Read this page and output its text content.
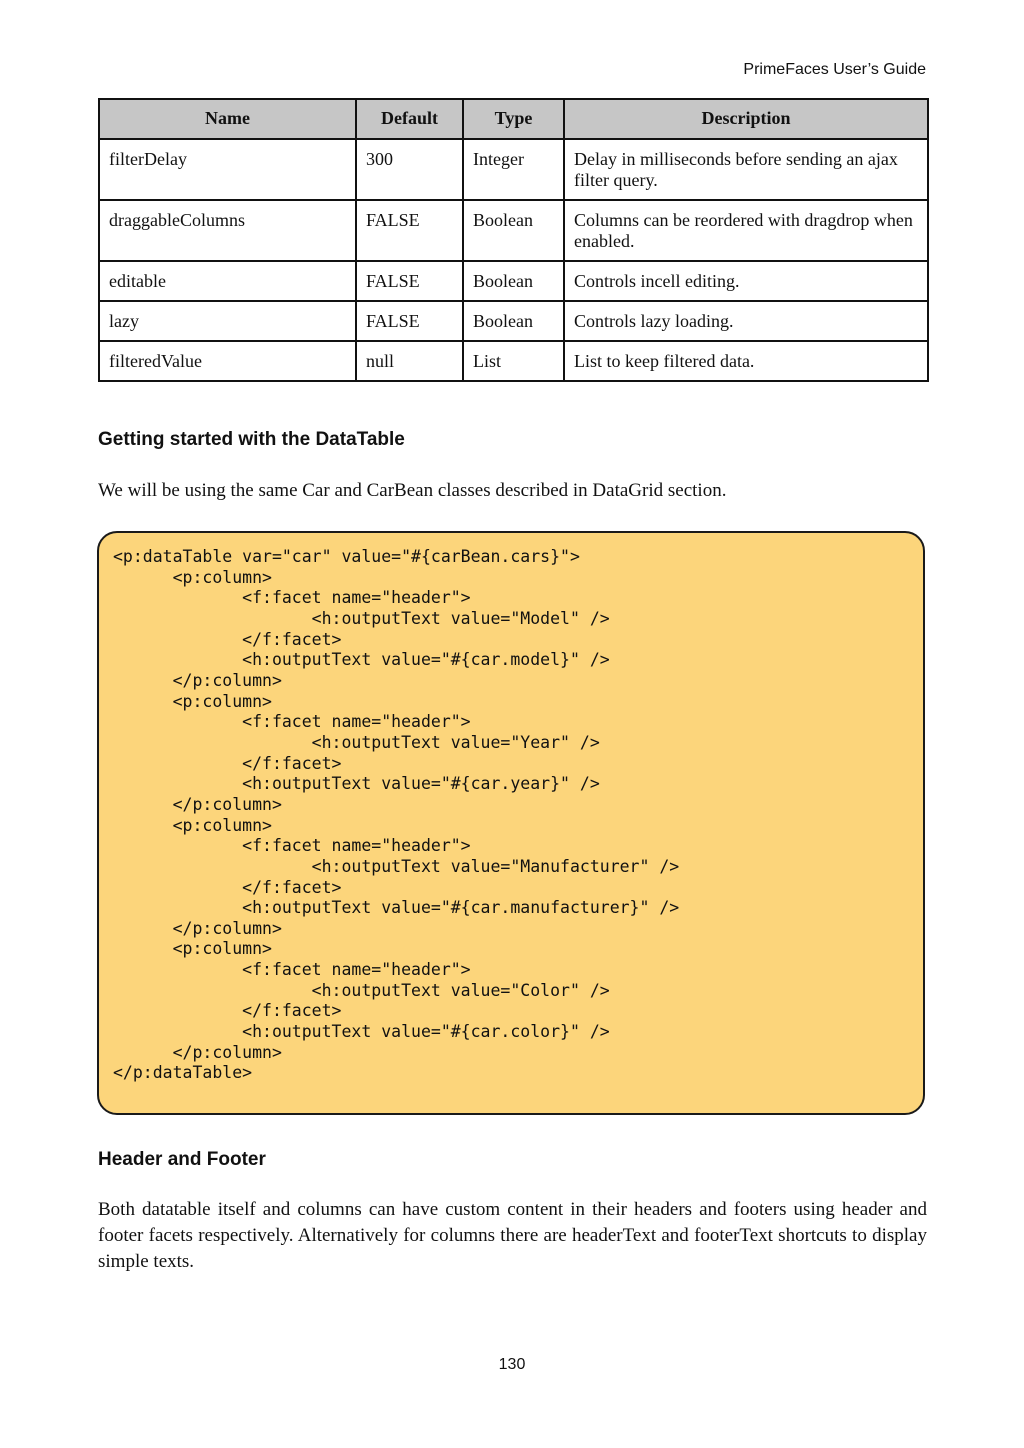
PrimeFaces User’s Guide
Name	Default	Type	Description
filterDelay	300	Integer	Delay in milliseconds before sending an ajax filter query.
draggableColumns	FALSE	Boolean	Columns can be reordered with dragdrop when enabled.
editable	FALSE	Boolean	Controls incell editing.
lazy	FALSE	Boolean	Controls lazy loading.
filteredValue	null	List	List to keep filtered data.
Getting started with the DataTable
We will be using the same Car and CarBean classes described in DataGrid section.
<p:dataTable var="car" value="#{carBean.cars}">
<p:column>
<f:facet name="header">
<h:outputText value="Model" />
</f:facet>
<h:outputText value="#{car.model}" />
</p:column>
<p:column>
<f:facet name="header">
<h:outputText value="Year" />
</f:facet>
<h:outputText value="#{car.year}" />
</p:column>
<p:column>
<f:facet name="header">
<h:outputText value="Manufacturer" />
</f:facet>
<h:outputText value="#{car.manufacturer}" />
</p:column>
<p:column>
<f:facet name="header">
<h:outputText value="Color" />
</f:facet>
<h:outputText value="#{car.color}" />
</p:column>
</p:dataTable>
Header and Footer
Both datatable itself and columns can have custom content in their headers and footers using header and footer facets respectively. Alternatively for columns there are headerText and footerText shortcuts to display simple texts.
130
